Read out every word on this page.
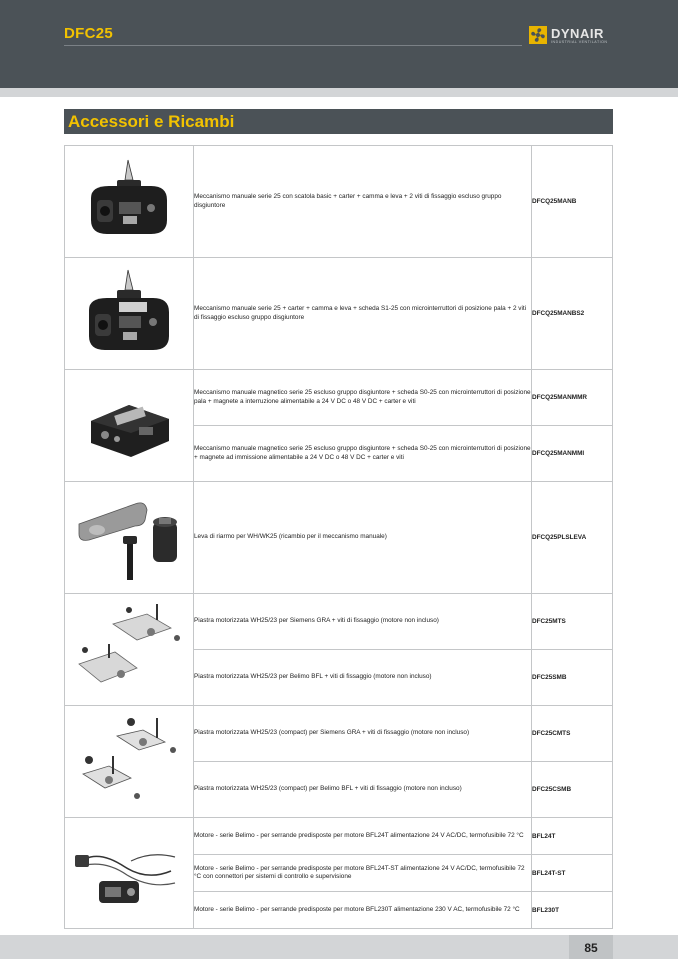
DFC25	DYNAIR
INDUSTRIAL VENTILATION
Accessori e Ricambi
	Meccanismo manuale serie 25 con scatola basic + carter + camma e leva + 2 viti di fissaggio escluso gruppo disgiuntore	DFCQ25MANB

	Meccanismo manuale serie 25 + carter + camma e leva + scheda S1-25 con microinterruttori di posizione pala + 2 viti di fissaggio escluso gruppo disgiuntore	DFCQ25MANBS2

	Meccanismo manuale magnetico serie 25 escluso gruppo disgiuntore + scheda S0-25 con microinterruttori di posizione pala + magnete a interruzione alimentabile a 24 V DC o 48 V DC + carter e viti	DFCQ25MANMMR
	Meccanismo manuale magnetico serie 25 escluso gruppo disgiuntore + scheda S0-25 con microinterruttori di posizione + magnete ad immissione alimentabile a 24 V DC o 48 V DC + carter e viti	DFCQ25MANMMI

	Leva di riarmo per WH/WK25 (ricambio per il meccanismo manuale)	DFCQ25PLSLEVA

	Piastra motorizzata WH25/23 per Siemens GRA + viti di fissaggio (motore non incluso)	DFC25MTS
	Piastra motorizzata WH25/23 per Belimo BFL + viti di fissaggio (motore non incluso)	DFC25SMB

	Piastra motorizzata WH25/23 (compact) per Siemens GRA + viti di fissaggio (motore non incluso)	DFC25CMTS
	Piastra motorizzata WH25/23 (compact) per Belimo BFL + viti di fissaggio (motore non incluso)	DFC25CSMB

	Motore - serie Belimo - per serrande predisposte per motore BFL24T alimentazione 24 V AC/DC, termofusibile 72 °C	BFL24T
	Motore - serie Belimo - per serrande predisposte per motore BFL24T-ST alimentazione 24 V AC/DC, termofusibile 72 °C con connettori per sistemi di controllo e supervisione	BFL24T-ST
	Motore - serie Belimo - per serrande predisposte per motore BFL230T alimentazione 230 V AC, termofusibile 72 °C	BFL230T
85
